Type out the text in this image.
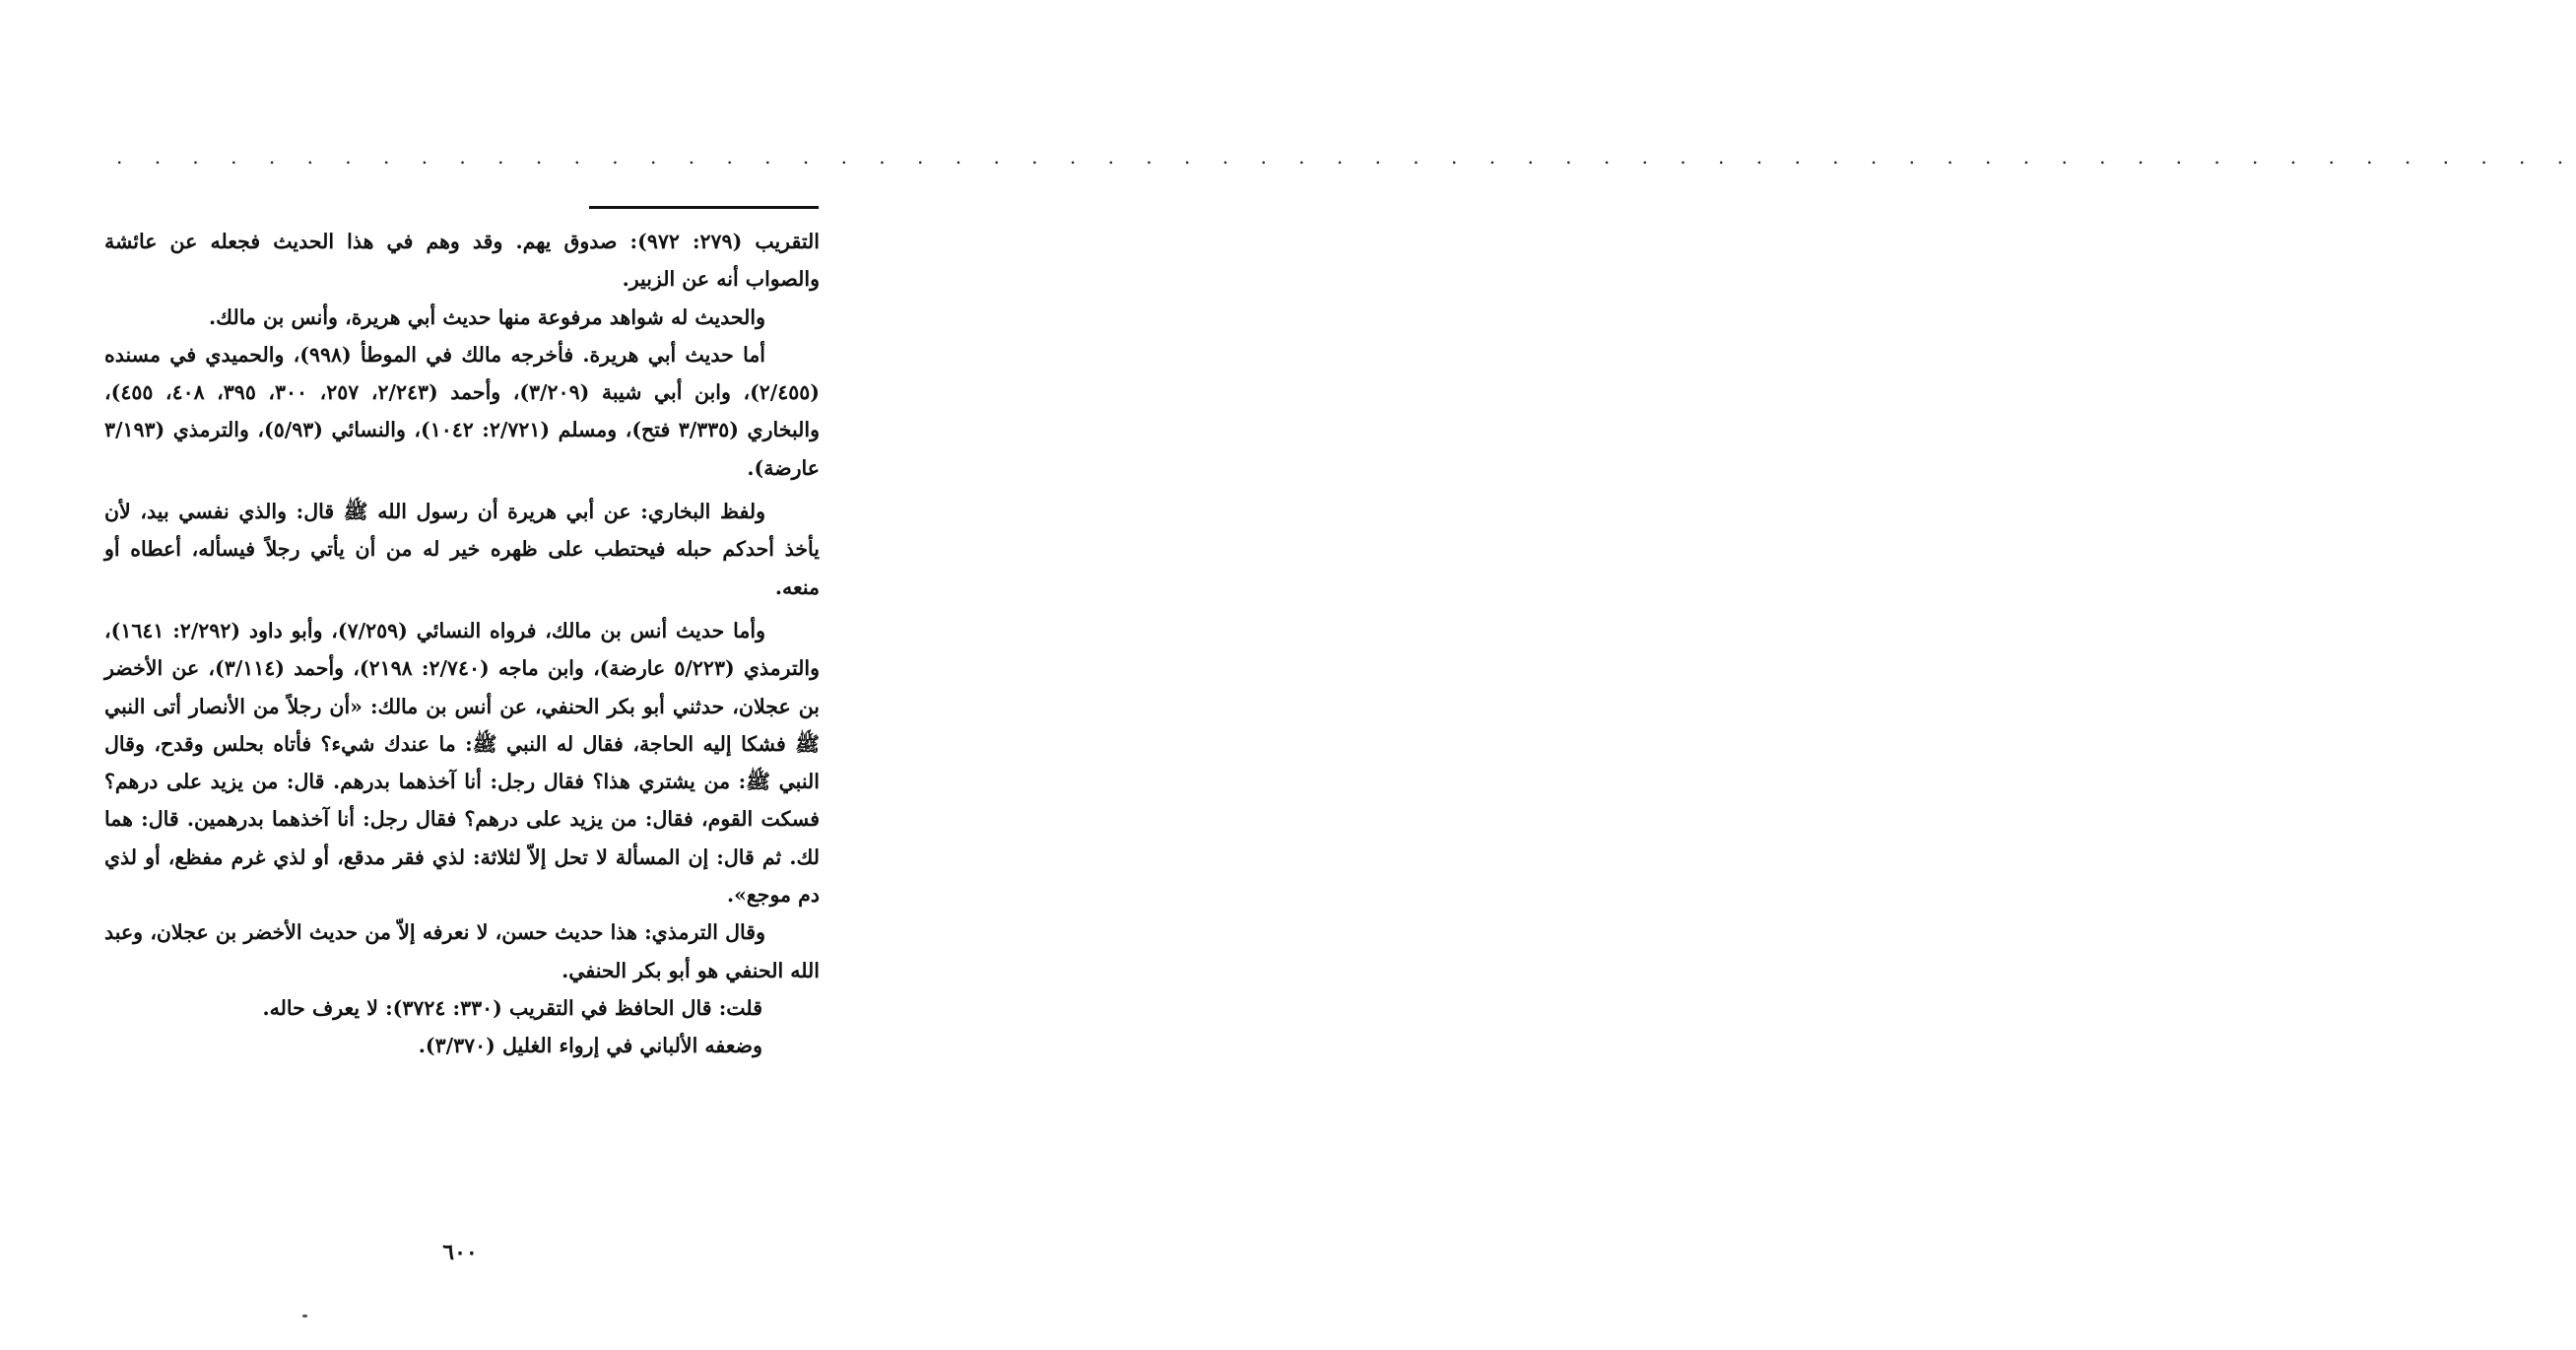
. . . . . . . . . . . . . . . . . . . . . . . . . . . . . . . . . . . . . . . . . . . . . . . . . . . . . . . . . . . . . . . . .

التقريب (٢٧٩: ٩٧٢): صدوق يهم. وقد وهم في هذا الحديث فجعله عن عائشة والصواب أنه عن الزبير.

والحديث له شواهد مرفوعة منها حديث أبي هريرة، وأنس بن مالك.

أما حديث أبي هريرة. فأخرجه مالك في الموطأ (٩٩٨)، والحميدي في مسنده (٢/٤٥٥)، وابن أبي شيبة (٣/٢٠٩)، وأحمد (٢/٢٤٣، ٢٥٧، ٣٠٠، ٣٩٥، ٤٠٨، ٤٥٥)، والبخاري (٣/٣٣٥ فتح)، ومسلم (٢/٧٢١: ١٠٤٢)، والنسائي (٥/٩٣)، والترمذي (٣/١٩٣ عارضة).

ولفظ البخاري: عن أبي هريرة أن رسول الله ﷺ قال: والذي نفسي بيد، لأن يأخذ أحدكم حبله فيحتطب على ظهره خير له من أن يأتي رجلاً فيسأله، أعطاه أو منعه.

وأما حديث أنس بن مالك، فرواه النسائي (٧/٢٥٩)، وأبو داود (٢/٢٩٢: ١٦٤١)، والترمذي (٥/٢٢٣ عارضة)، وابن ماجه (٢/٧٤٠: ٢١٩٨)، وأحمد (٣/١١٤)، عن الأخضر بن عجلان، حدثني أبو بكر الحنفي، عن أنس بن مالك: «أن رجلاً من الأنصار أتى النبي ﷺ فشكا إليه الحاجة، فقال له النبي ﷺ: ما عندك شيء؟ فأتاه بحلس وقدح، وقال النبي ﷺ: من يشتري هذا؟ فقال رجل: أنا آخذهما بدرهم. قال: من يزيد على درهم؟ فسكت القوم، فقال: من يزيد على درهم؟ فقال رجل: أنا آخذهما بدرهمين. قال: هما لك. ثم قال: إن المسألة لا تحل إلاّ لثلاثة: لذي فقر مدقع، أو لذي غرم مفظع، أو لذي دم موجع».

وقال الترمذي: هذا حديث حسن، لا نعرفه إلاّ من حديث الأخضر بن عجلان، وعبد الله الحنفي هو أبو بكر الحنفي.

قلت: قال الحافظ في التقريب (٣٣٠: ٣٧٢٤): لا يعرف حاله.

وضعفه الألباني في إرواء الغليل (٣/٣٧٠).

٦٠٠
